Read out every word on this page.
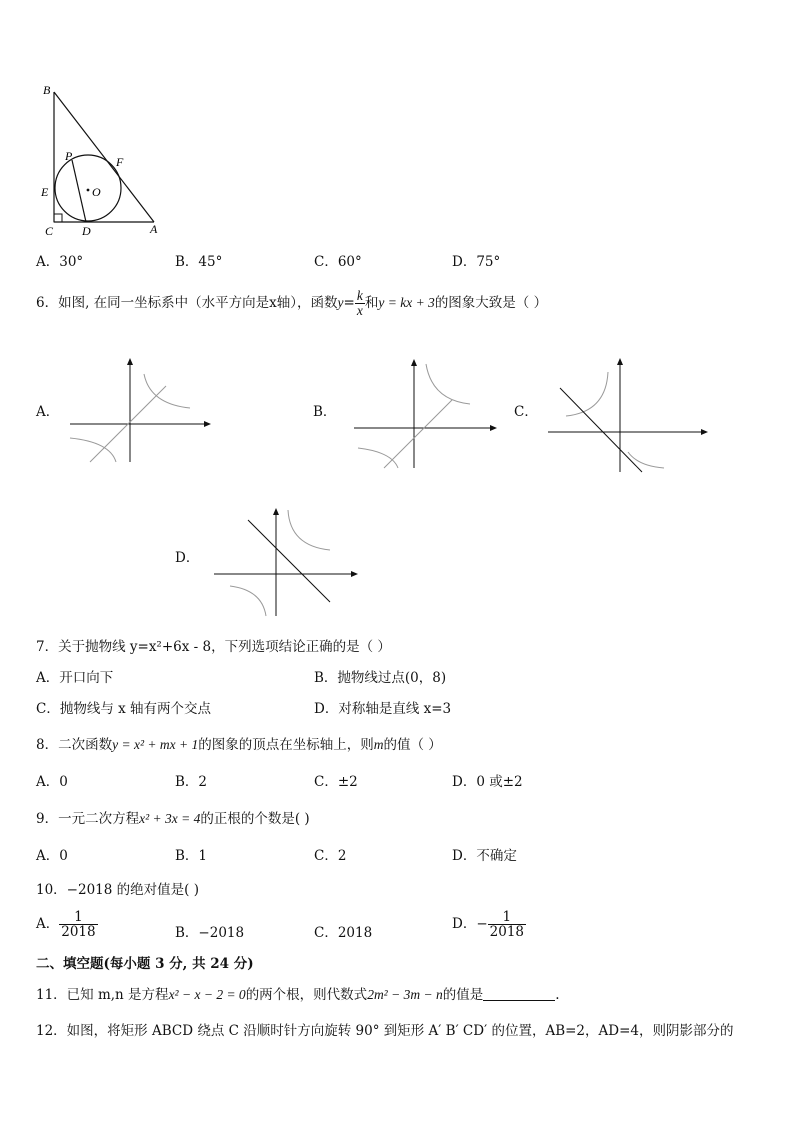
B
P	F
E	O
C D	A
A．30°	B．45°	C．60°	D．75°
6．如图, 在同一坐标系中（水平方向是x轴），函数$y= \frac{k}{x}$ 和y = kx + 3的图象大致是（ ）
A．	B．	C．
D．
7．关于抛物线 y=x²+6x - 8，下列选项结论正确的是（ ）
A．开口向下	B．抛物线过点(0，8)
C．抛物线与 x 轴有两个交点	D．对称轴是直线 x=3
8．二次函数y = x² + mx + 1的图象的顶点在坐标轴上，则m的值（ ）
A．0	B．2	C．±2	D．0 或±2
9．一元二次方程x² + 3x = 4的正根的个数是( )
A．0	B．1	C．2	D．不确定
10．−2018 的绝对值是( )
A． $\frac{1}{2018}$	B．−2018	C．2018
D．− $\frac{1}{2018}$
二、填空题(每小题 3 分, 共 24 分)
11．已知 m,n 是方程x² − x − 2 = 0的两个根，则代数式2m² − 3m − n的值是	.
12．如图，将矩形 ABCD 绕点 C 沿顺时针方向旋转 90° 到矩形 A′ B′ CD′ 的位置，AB=2，AD=4，则阴影部分的
